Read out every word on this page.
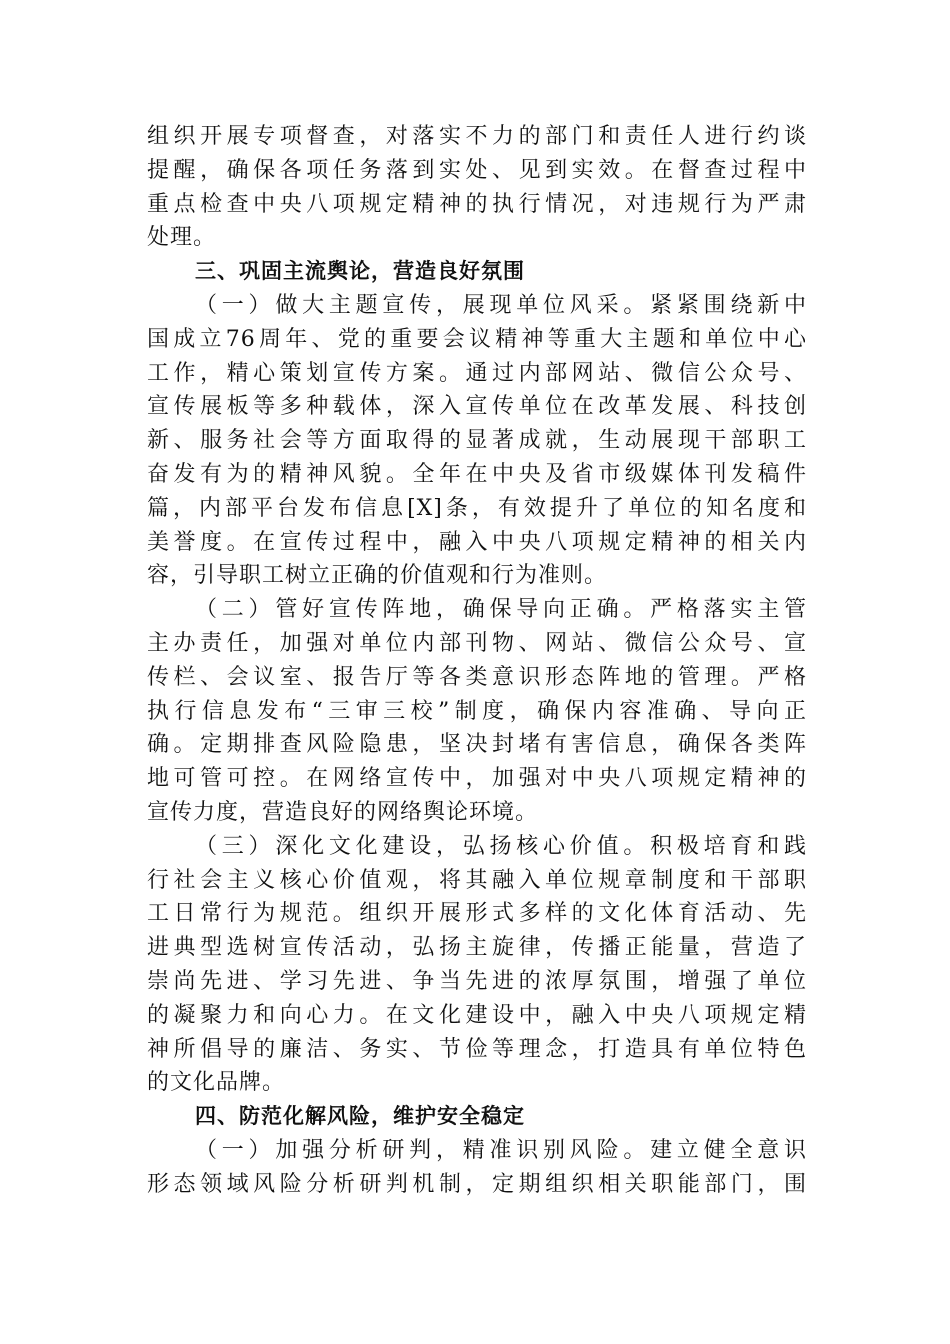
组织开展专项督查，对落实不力的部门和责任人进行约谈
提醒，确保各项任务落到实处、见到实效。在督查过程中
重点检查中央八项规定精神的执行情况，对违规行为严肃
处理。
三、巩固主流舆论，营造良好氛围
（一）做大主题宣传，展现单位风采。紧紧围绕新中
国成立76周年、党的重要会议精神等重大主题和单位中心
工作，精心策划宣传方案。通过内部网站、微信公众号、
宣传展板等多种载体，深入宣传单位在改革发展、科技创
新、服务社会等方面取得的显著成就，生动展现干部职工
奋发有为的精神风貌。全年在中央及省市级媒体刊发稿件
篇，内部平台发布信息[X]条，有效提升了单位的知名度和
美誉度。在宣传过程中，融入中央八项规定精神的相关内
容，引导职工树立正确的价值观和行为准则。
（二）管好宣传阵地，确保导向正确。严格落实主管
主办责任，加强对单位内部刊物、网站、微信公众号、宣
传栏、会议室、报告厅等各类意识形态阵地的管理。严格
执行信息发布“三审三校”制度，确保内容准确、导向正
确。定期排查风险隐患，坚决封堵有害信息，确保各类阵
地可管可控。在网络宣传中，加强对中央八项规定精神的
宣传力度，营造良好的网络舆论环境。
（三）深化文化建设，弘扬核心价值。积极培育和践
行社会主义核心价值观，将其融入单位规章制度和干部职
工日常行为规范。组织开展形式多样的文化体育活动、先
进典型选树宣传活动，弘扬主旋律，传播正能量，营造了
崇尚先进、学习先进、争当先进的浓厚氛围，增强了单位
的凝聚力和向心力。在文化建设中，融入中央八项规定精
神所倡导的廉洁、务实、节俭等理念，打造具有单位特色
的文化品牌。
四、防范化解风险，维护安全稳定
（一）加强分析研判，精准识别风险。建立健全意识
形态领域风险分析研判机制，定期组织相关职能部门，围
